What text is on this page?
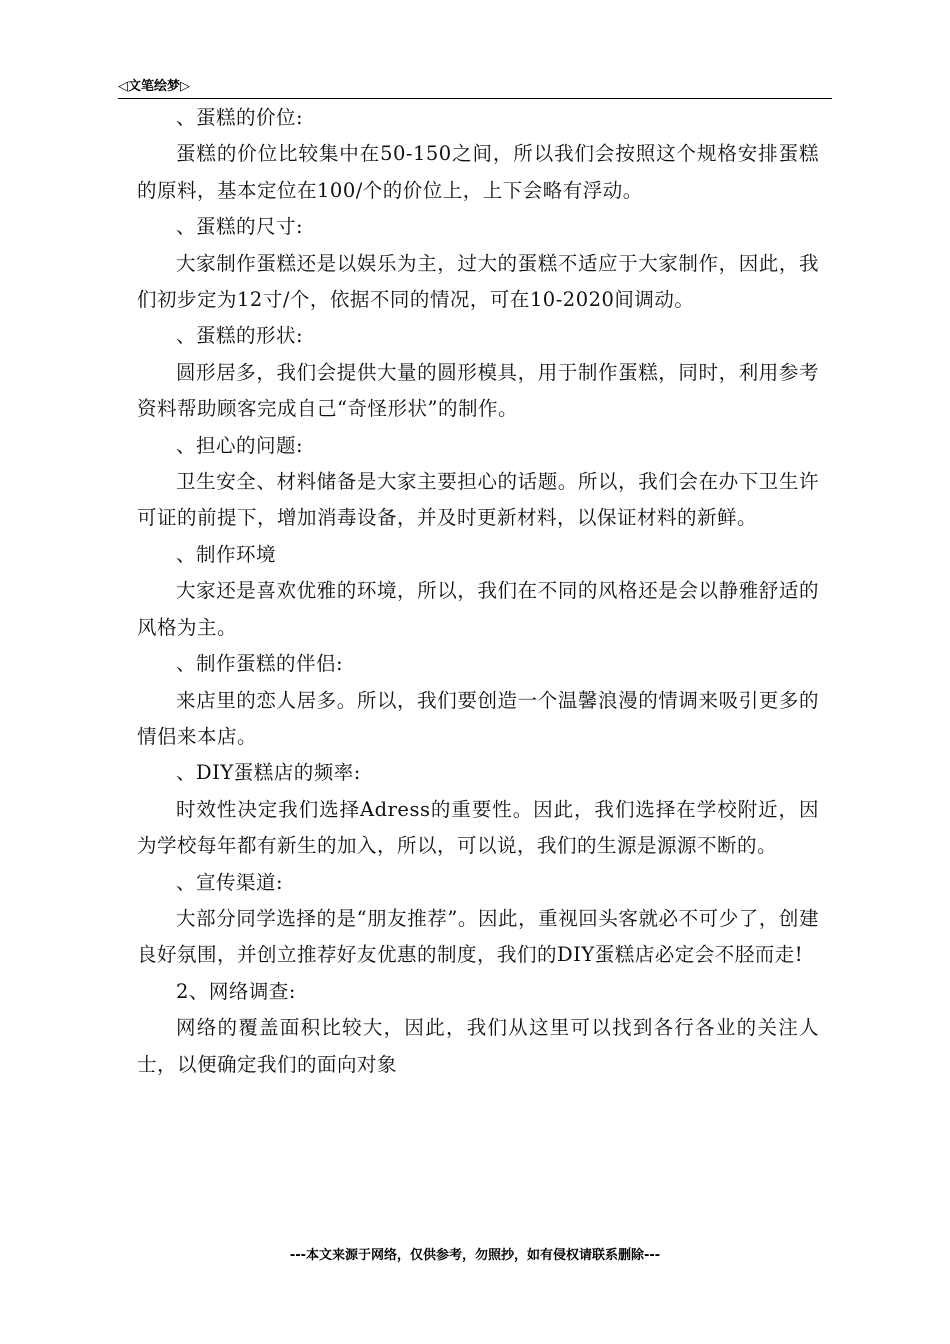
◁文笔绘梦▷

、蛋糕的价位:

蛋糕的价位比较集中在50-150之间，所以我们会按照这个规格安排蛋糕的原料，基本定位在100/个的价位上，上下会略有浮动。

、蛋糕的尺寸:

大家制作蛋糕还是以娱乐为主，过大的蛋糕不适应于大家制作，因此，我们初步定为12寸/个，依据不同的情况，可在10-2020间调动。

、蛋糕的形状:

圆形居多，我们会提供大量的圆形模具，用于制作蛋糕，同时，利用参考资料帮助顾客完成自己“奇怪形状”的制作。

、担心的问题:

卫生安全、材料储备是大家主要担心的话题。所以，我们会在办下卫生许可证的前提下，增加消毒设备，并及时更新材料，以保证材料的新鲜。

、制作环境

大家还是喜欢优雅的环境，所以，我们在不同的风格还是会以静雅舒适的风格为主。

、制作蛋糕的伴侣:

来店里的恋人居多。所以，我们要创造一个温馨浪漫的情调来吸引更多的情侣来本店。

、DIY蛋糕店的频率:

时效性决定我们选择Adress的重要性。因此，我们选择在学校附近，因为学校每年都有新生的加入，所以，可以说，我们的生源是源源不断的。

、宣传渠道:

大部分同学选择的是“朋友推荐”。因此，重视回头客就必不可少了，创建良好氛围，并创立推荐好友优惠的制度，我们的DIY蛋糕店必定会不胫而走!

2、网络调查:

网络的覆盖面积比较大，因此，我们从这里可以找到各行各业的关注人士，以便确定我们的面向对象

---本文来源于网络，仅供参考，勿照抄，如有侵权请联系删除---
